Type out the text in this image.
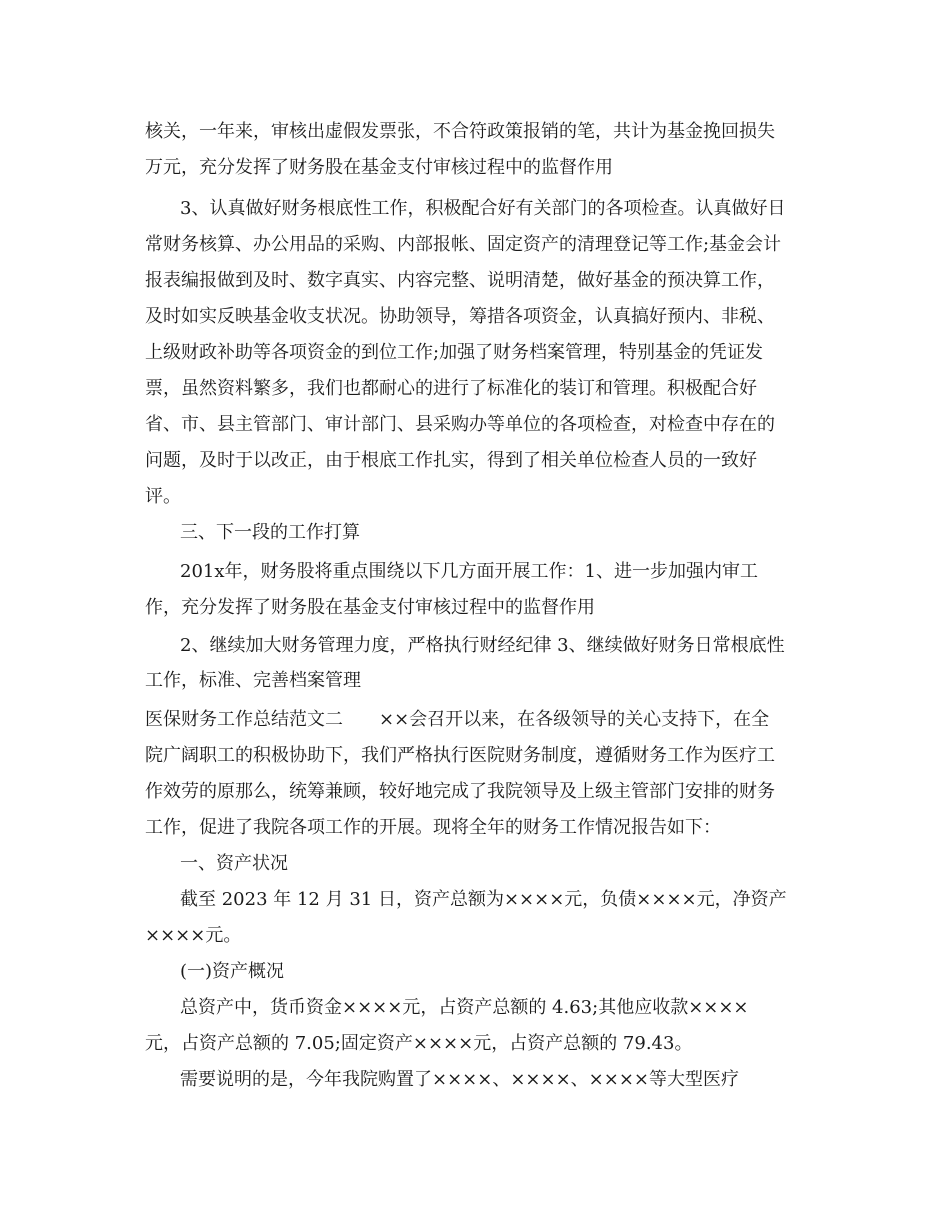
核关，一年来，审核出虚假发票张，不合符政策报销的笔，共计为基金挽回损失
万元，充分发挥了财务股在基金支付审核过程中的监督作用
3、认真做好财务根底性工作，积极配合好有关部门的各项检查。认真做好日
常财务核算、办公用品的采购、内部报帐、固定资产的清理登记等工作;基金会计
报表编报做到及时、数字真实、内容完整、说明清楚，做好基金的预决算工作，
及时如实反映基金收支状况。协助领导，筹措各项资金，认真搞好预内、非税、
上级财政补助等各项资金的到位工作;加强了财务档案管理，特别基金的凭证发
票，虽然资料繁多，我们也都耐心的进行了标准化的装订和管理。积极配合好
省、市、县主管部门、审计部门、县采购办等单位的各项检查，对检查中存在的
问题，及时于以改正，由于根底工作扎实，得到了相关单位检查人员的一致好
评。
三、下一段的工作打算
201x年，财务股将重点围绕以下几方面开展工作：1、进一步加强内审工
作，充分发挥了财务股在基金支付审核过程中的监督作用
2、继续加大财务管理力度，严格执行财经纪律 3、继续做好财务日常根底性
工作，标准、完善档案管理
医保财务工作总结范文二　　××会召开以来，在各级领导的关心支持下，在全
院广阔职工的积极协助下，我们严格执行医院财务制度，遵循财务工作为医疗工
作效劳的原那么，统筹兼顾，较好地完成了我院领导及上级主管部门安排的财务
工作，促进了我院各项工作的开展。现将全年的财务工作情况报告如下：
一、资产状况
截至 2023 年 12 月 31 日，资产总额为××××元，负债××××元，净资产
××××元。
(一)资产概况
总资产中，货币资金××××元，占资产总额的 4.63;其他应收款××××
元，占资产总额的 7.05;固定资产××××元，占资产总额的 79.43。
需要说明的是，今年我院购置了××××、××××、××××等大型医疗
